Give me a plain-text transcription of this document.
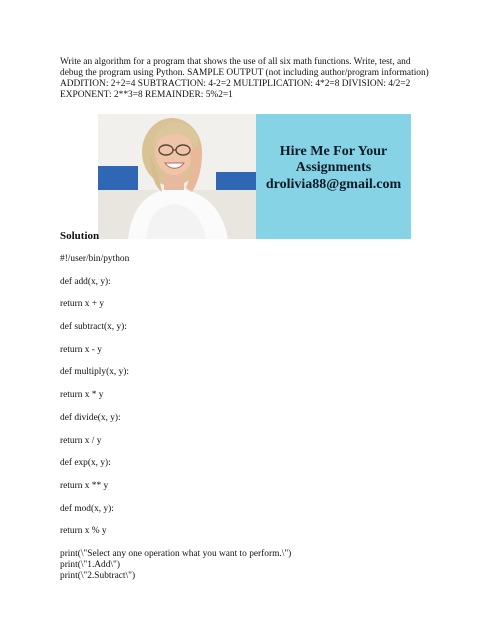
Write an algorithm for a program that shows the use of all six math functions. Write, test, and debug the program using Python. SAMPLE OUTPUT (not including author/program information) ADDITION: 2+2=4 SUBTRACTION: 4-2=2 MULTIPLICATION: 4*2=8 DIVISION: 4/2=2 EXPONENT: 2**3=8 REMAINDER: 5%2=1

Hire Me For Your
Assignments
drolivia88@gmail.com
Solution
#!/user/bin/python
def add(x, y):
return x + y
def subtract(x, y):
return x - y
def multiply(x, y):
return x * y
def divide(x, y):
return x / y
def exp(x, y):
return x ** y
def mod(x, y):
return x % y
print(\"Select any one operation what you want to perform.\")
print(\"1.Add\")
print(\"2.Subtract\")
